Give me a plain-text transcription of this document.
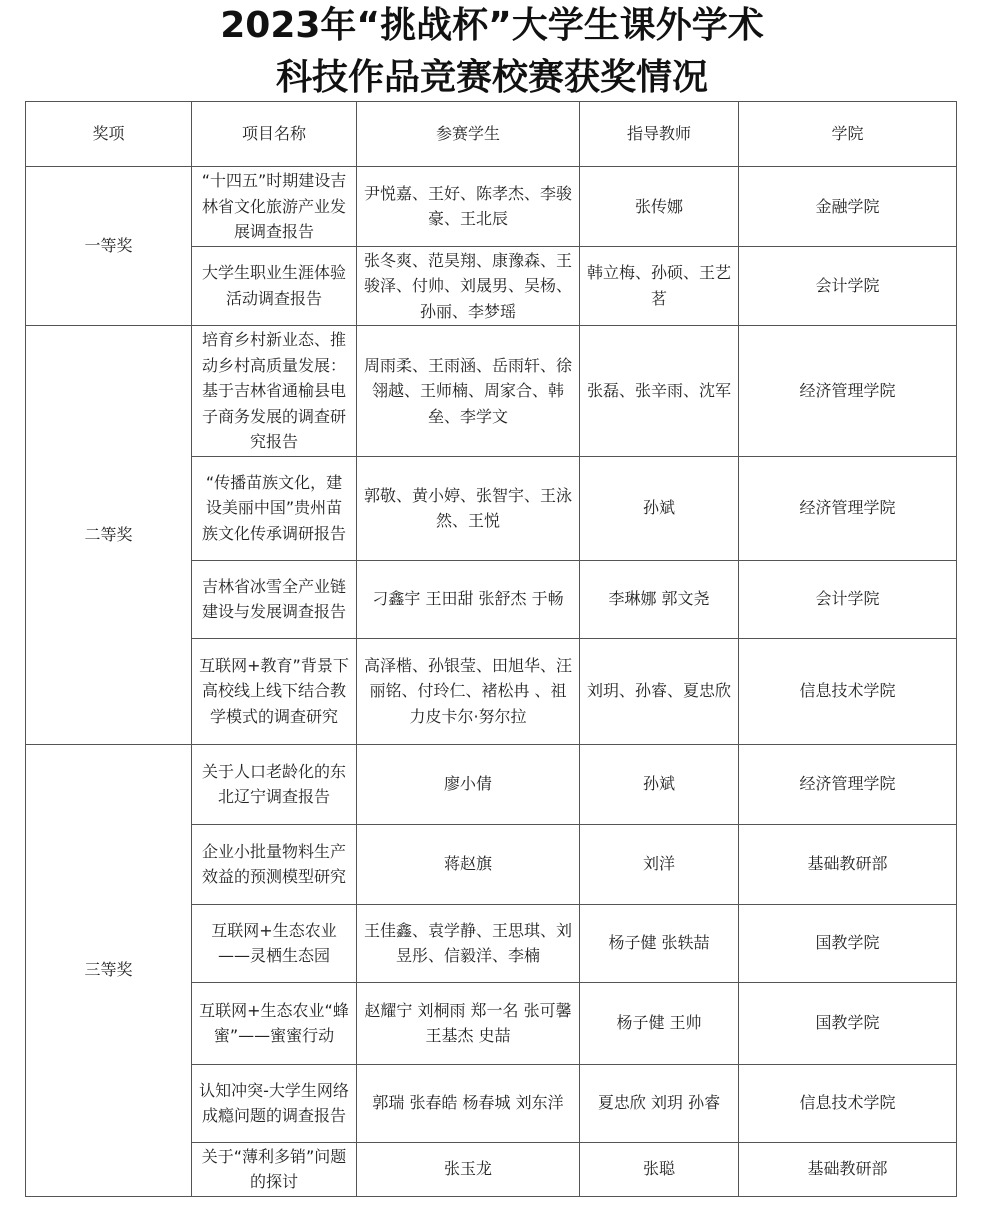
2023年“挑战杯”大学生课外学术
科技作品竞赛校赛获奖情况
奖项	项目名称	参赛学生	指导教师	学院
一等奖	“十四五”时期建设吉林省文化旅游产业发展调查报告	尹悦嘉、王好、陈孝杰、李骏豪、王北辰	张传娜	金融学院
	大学生职业生涯体验活动调查报告	张冬爽、范昊翔、康豫森、王骏泽、付帅、刘晟男、吴杨、孙丽、李梦瑶	韩立梅、孙硕、王艺茗	会计学院
二等奖	培育乡村新业态、推动乡村高质量发展：基于吉林省通榆县电子商务发展的调查研究报告	周雨柔、王雨涵、岳雨轩、徐翎越、王师楠、周家合、韩垒、李学文	张磊、张辛雨、沈军	经济管理学院
	“传播苗族文化，建设美丽中国”贵州苗族文化传承调研报告	郭敬、黄小婷、张智宇、王泳然、王悦	孙斌	经济管理学院
	吉林省冰雪全产业链建设与发展调查报告	刁鑫宇 王田甜 张舒杰 于畅	李琳娜 郭文尧	会计学院
	互联网+教育”背景下高校线上线下结合教学模式的调查研究	高泽楷、孙银莹、田旭华、汪丽铭、付玲仁、褚松冉 、祖力皮卡尔·努尔拉	刘玥、孙睿、夏忠欣	信息技术学院
三等奖	关于人口老龄化的东北辽宁调查报告	廖小倩	孙斌	经济管理学院
	企业小批量物料生产效益的预测模型研究	蒋赵旗	刘洋	基础教研部
	互联网+生态农业——灵栖生态园	王佳鑫、袁学静、王思琪、刘昱彤、信毅洋、李楠	杨子健 张轶喆	国教学院
	互联网+生态农业“蜂蜜”——蜜蜜行动	赵耀宁 刘桐雨 郑一名 张可馨 王基杰 史喆	杨子健 王帅	国教学院
	认知冲突-大学生网络成瘾问题的调查报告	郭瑞 张春皓 杨春城 刘东洋	夏忠欣 刘玥 孙睿	信息技术学院
	关于“薄利多销”问题的探讨	张玉龙	张聪	基础教研部
